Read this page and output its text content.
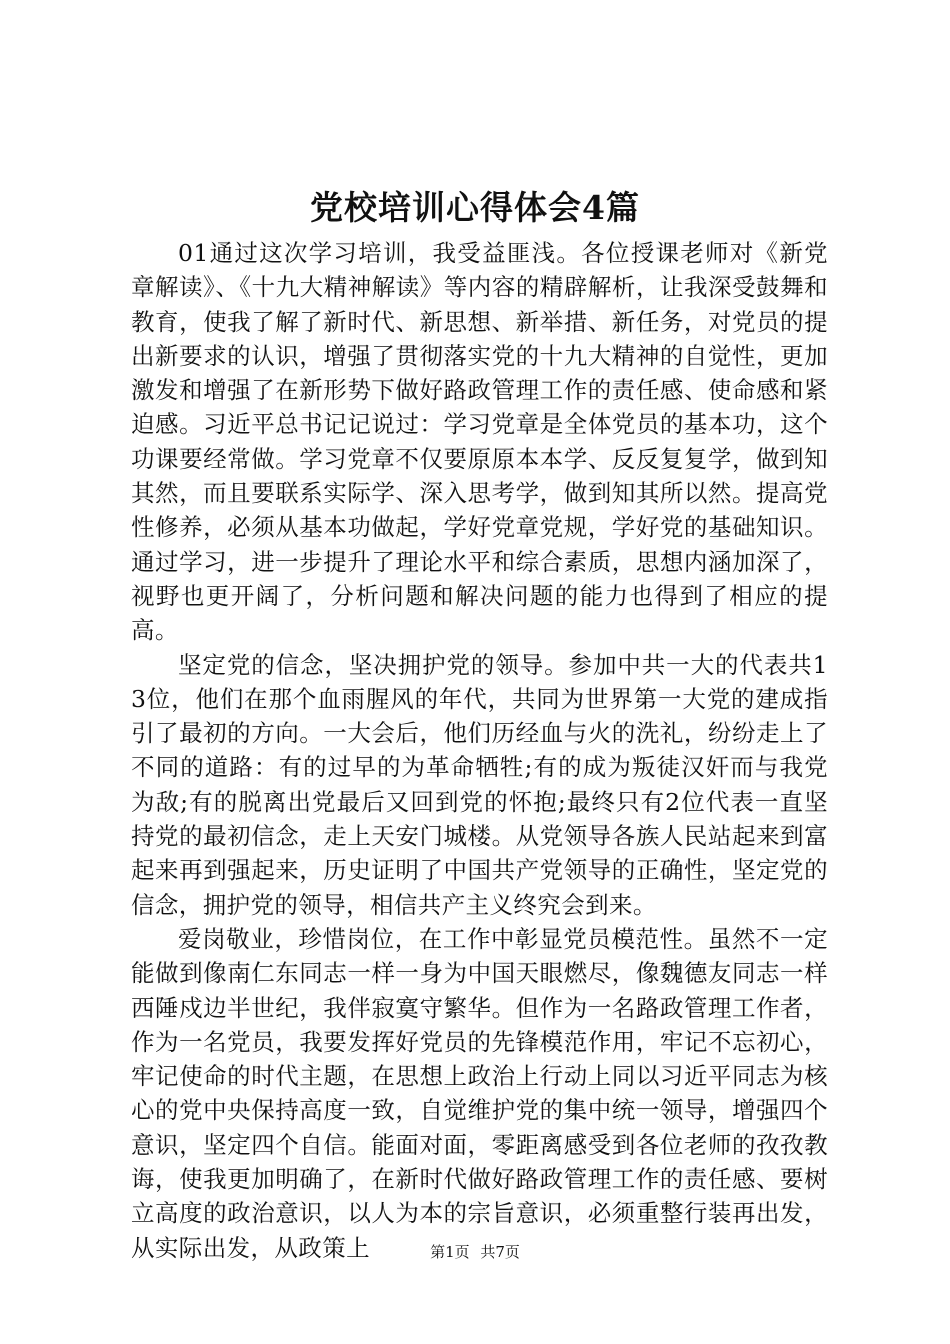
党校培训心得体会4篇

01通过这次学习培训，我受益匪浅。各位授课老师对《新党章解读》、《十九大精神解读》等内容的精辟解析，让我深受鼓舞和教育，使我了解了新时代、新思想、新举措、新任务，对党员的提出新要求的认识，增强了贯彻落实党的十九大精神的自觉性，更加激发和增强了在新形势下做好路政管理工作的责任感、使命感和紧迫感。习近平总书记记说过：学习党章是全体党员的基本功，这个功课要经常做。学习党章不仅要原原本本学、反反复复学，做到知其然，而且要联系实际学、深入思考学，做到知其所以然。提高党性修养，必须从基本功做起，学好党章党规，学好党的基础知识。通过学习，进一步提升了理论水平和综合素质，思想内涵加深了，视野也更开阔了，分析问题和解决问题的能力也得到了相应的提高。

坚定党的信念，坚决拥护党的领导。参加中共一大的代表共13位，他们在那个血雨腥风的年代，共同为世界第一大党的建成指引了最初的方向。一大会后，他们历经血与火的洗礼，纷纷走上了不同的道路：有的过早的为革命牺牲;有的成为叛徒汉奸而与我党为敌;有的脱离出党最后又回到党的怀抱;最终只有2位代表一直坚持党的最初信念，走上天安门城楼。从党领导各族人民站起来到富起来再到强起来，历史证明了中国共产党领导的正确性，坚定党的信念，拥护党的领导，相信共产主义终究会到来。

爱岗敬业，珍惜岗位，在工作中彰显党员模范性。虽然不一定能做到像南仁东同志一样一身为中国天眼燃尽，像魏德友同志一样西陲戍边半世纪，我伴寂寞守繁华。但作为一名路政管理工作者，作为一名党员，我要发挥好党员的先锋模范作用，牢记不忘初心，牢记使命的时代主题，在思想上政治上行动上同以习近平同志为核心的党中央保持高度一致，自觉维护党的集中统一领导，增强四个意识，坚定四个自信。能面对面，零距离感受到各位老师的孜孜教诲，使我更加明确了，在新时代做好路政管理工作的责任感、要树立高度的政治意识，以人为本的宗旨意识，必须重整行装再出发，从实际出发，从政策上	第1页 共7页
